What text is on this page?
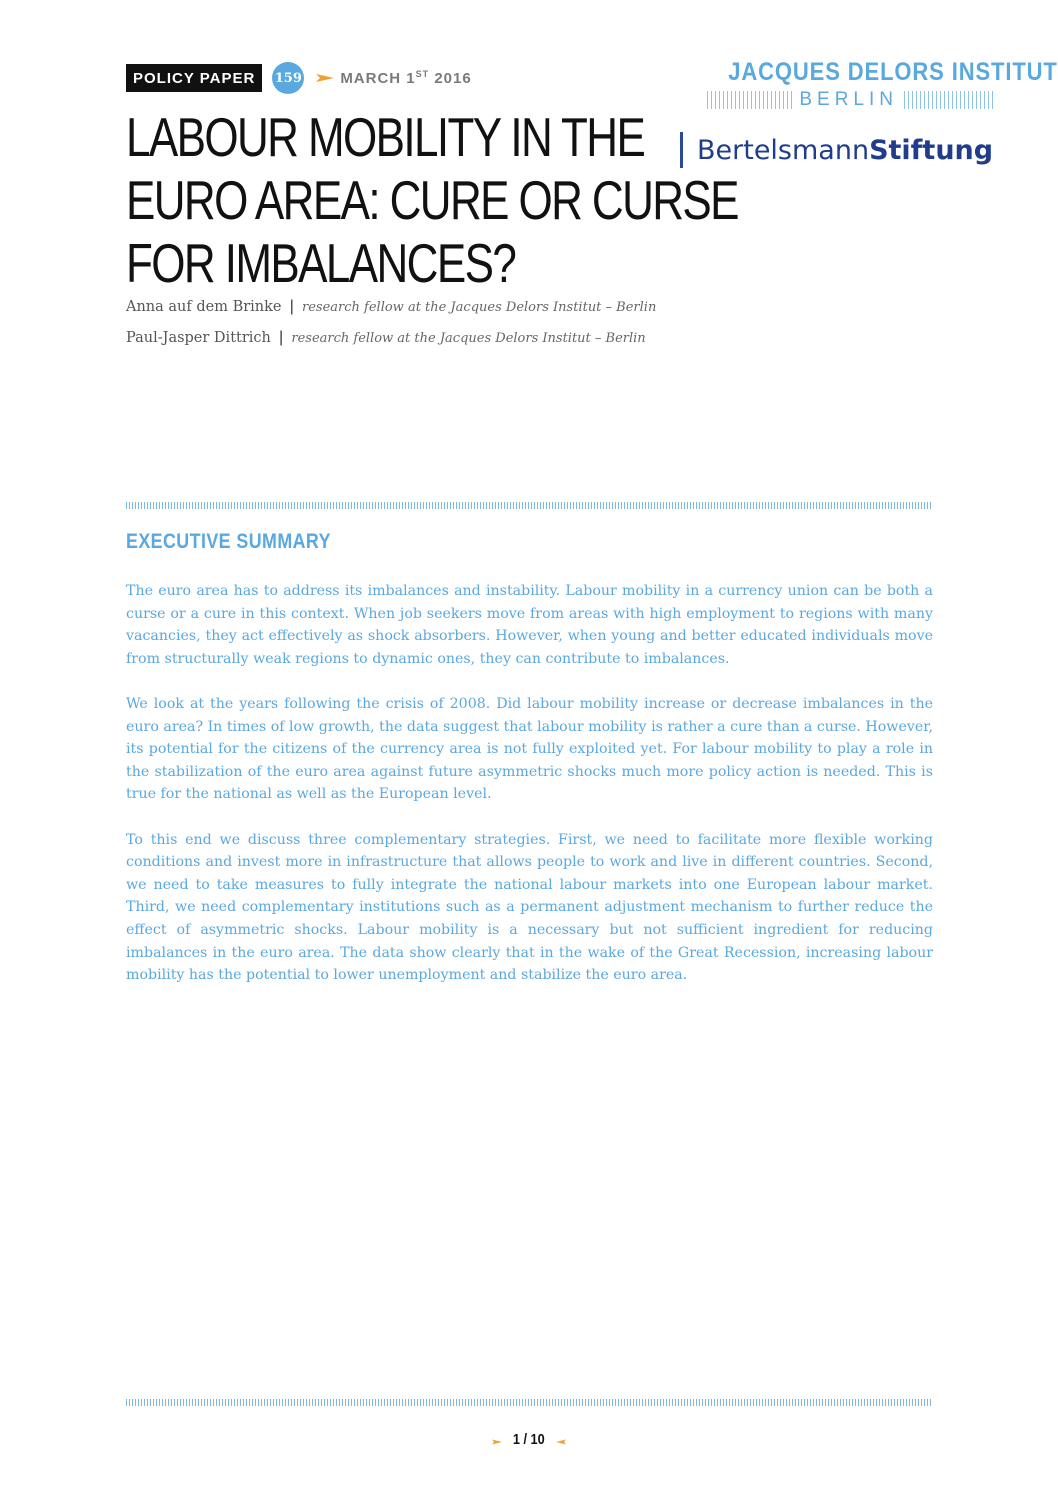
POLICY PAPER	159	MARCH 1ST 2016	JACQUES DELORS INSTITUT
BERLIN
BertelsmannStiftung
LABOUR MOBILITY IN THE
EURO AREA: CURE OR CURSE
FOR IMBALANCES?
Anna auf dem Brinke | research fellow at the Jacques Delors Institut – Berlin
Paul-Jasper Dittrich | research fellow at the Jacques Delors Institut – Berlin
EXECUTIVE SUMMARY

The euro area has to address its imbalances and instability. Labour mobility in a currency union can be both a curse or a cure in this context. When job seekers move from areas with high employment to regions with many vacancies, they act effectively as shock absorbers. However, when young and better educated individuals move from structurally weak regions to dynamic ones, they can contribute to imbalances.

We look at the years following the crisis of 2008. Did labour mobility increase or decrease imbalances in the euro area? In times of low growth, the data suggest that labour mobility is rather a cure than a curse. However, its potential for the citizens of the currency area is not fully exploited yet. For labour mobility to play a role in the stabilization of the euro area against future asymmetric shocks much more policy action is needed. This is true for the national as well as the European level.

To this end we discuss three complementary strategies. First, we need to facilitate more flexible working conditions and invest more in infrastructure that allows people to work and live in different countries. Second, we need to take measures to fully integrate the national labour markets into one European labour market. Third, we need complementary institutions such as a permanent adjustment mechanism to further reduce the effect of asymmetric shocks. Labour mobility is a necessary but not sufficient ingredient for reducing imbalances in the euro area. The data show clearly that in the wake of the Great Recession, increasing labour mobility has the potential to lower unemployment and stabilize the euro area.

1 / 10
